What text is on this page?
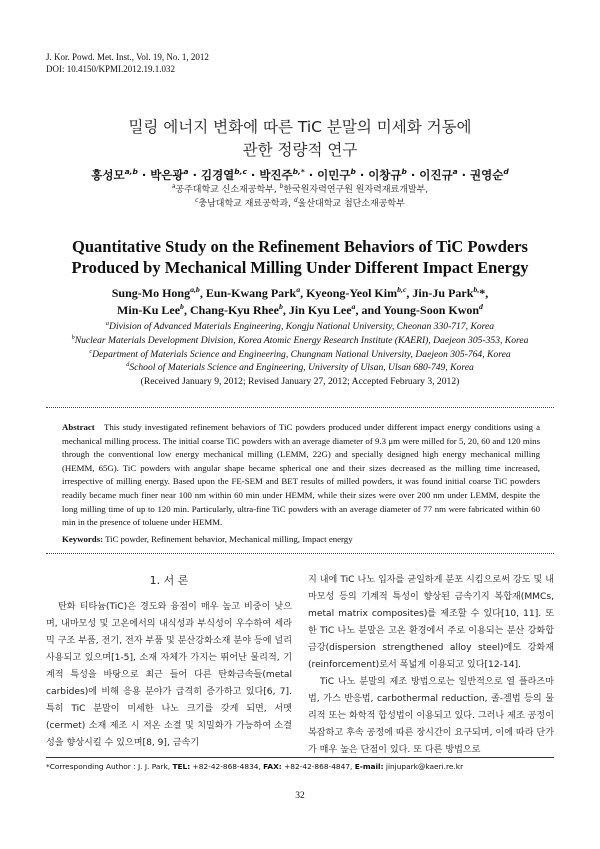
J. Kor. Powd. Met. Inst., Vol. 19, No. 1, 2012
DOI: 10.4150/KPMI.2012.19.1.032
밀링 에너지 변화에 따른 TiC 분말의 미세화 거동에
관한 정량적 연구
홍성모$^{a,b}$ · 박은광$^a$ · 김경열$^{b,c}$ · 박진주$^{b,*}$ · 이민구$^b$ · 이창규$^b$ · 이진규$^a$ · 권영순$^d$
$^a$공주대학교 신소재공학부, $^b$한국원자력연구원 원자력재료개발부,
$^c$충남대학교 재료공학과, $^d$울산대학교 첨단소재공학부
Quantitative Study on the Refinement Behaviors of TiC Powders
Produced by Mechanical Milling Under Different Impact Energy
Sung-Mo Hong$^{a,b}$, Eun-Kwang Park$^a$, Kyeong-Yeol Kim$^{b,c}$, Jin-Ju Park$^{b,}$*,
Min-Ku Lee$^b$, Chang-Kyu Rhee$^b$, Jin Kyu Lee$^a$, and Young-Soon Kwon$^d$
$^a$Division of Advanced Materials Engineering, Kongju National University, Cheonan 330-717, Korea
$^b$Nuclear Materials Development Division, Korea Atomic Energy Research Institute (KAERI), Daejeon 305-353, Korea
$^c$Department of Materials Science and Engineering, Chungnam National University, Daejeon 305-764, Korea
$^d$School of Materials Science and Engineering, University of Ulsan, Ulsan 680-749, Korea
(Received January 9, 2012; Revised January 27, 2012; Accepted February 3, 2012)
Abstract This study investigated refinement behaviors of TiC powders produced under different impact energy conditions using a mechanical milling process. The initial coarse TiC powders with an average diameter of 9.3 μm were milled for 5, 20, 60 and 120 mins through the conventional low energy mechanical milling (LEMM, 22G) and specially designed high energy mechanical milling (HEMM, 65G). TiC powders with angular shape became spherical one and their sizes decreased as the milling time increased, irrespective of milling energy. Based upon the FE-SEM and BET results of milled powders, it was found initial coarse TiC powders readily became much finer near 100 nm within 60 min under HEMM, while their sizes were over 200 nm under LEMM, despite the long milling time of up to 120 min. Particularly, ultra-fine TiC powders with an average diameter of 77 nm were fabricated within 60 min in the presence of toluene under HEMM.
Keywords: TiC powder, Refinement behavior, Mechanical milling, Impact energy

1. 서 론

탄화 티타늄(TiC)은 경도와 융점이 매우 높고 비중이 낮으며, 내마모성 및 고온에서의 내식성과 부식성이 우수하여 세라믹 구조 부품, 전기, 전자 부품 및 분산강화소재 분야 등에 널리 사용되고 있으며[1-5], 소재 자체가 가지는 뛰어난 물리적, 기계적 특성을 바탕으로 최근 들어 다른 탄화금속들(metal carbides)에 비해 응용 분야가 급격히 증가하고 있다[6, 7]. 특히 TiC 분말이 미세한 나노 크기를 갖게 되면, 서멧(cermet) 소재 제조 시 저온 소결 및 치밀화가 가능하여 소결성을 향상시킬 수 있으며[8, 9], 금속기

지 내에 TiC 나노 입자를 균일하게 분포 시킴으로써 강도 및 내마모성 등의 기계적 특성이 향상된 금속기지 복합재(MMCs, metal matrix composites)를 제조할 수 있다[10, 11]. 또한 TiC 나노 분말은 고온 환경에서 주로 이용되는 분산 강화합금강(dispersion strengthened alloy steel)에도 강화재(reinforcement)로서 폭넓게 이용되고 있다[12-14].

TiC 나노 분말의 제조 방법으로는 일반적으로 열 플라즈마법, 가스 반응법, carbothermal reduction, 졸-겔법 등의 물리적 또는 화학적 합성법이 이용되고 있다. 그러나 제조 공정이 복잡하고 후속 공정에 따른 장시간이 요구되며, 이에 따라 단가가 매우 높은 단점이 있다. 또 다른 방법으로

*Corresponding Author : J. J. Park, TEL: +82-42-868-4834, FAX: +82-42-868-4847, E-mail: jinjupark@kaeri.re.kr
32
